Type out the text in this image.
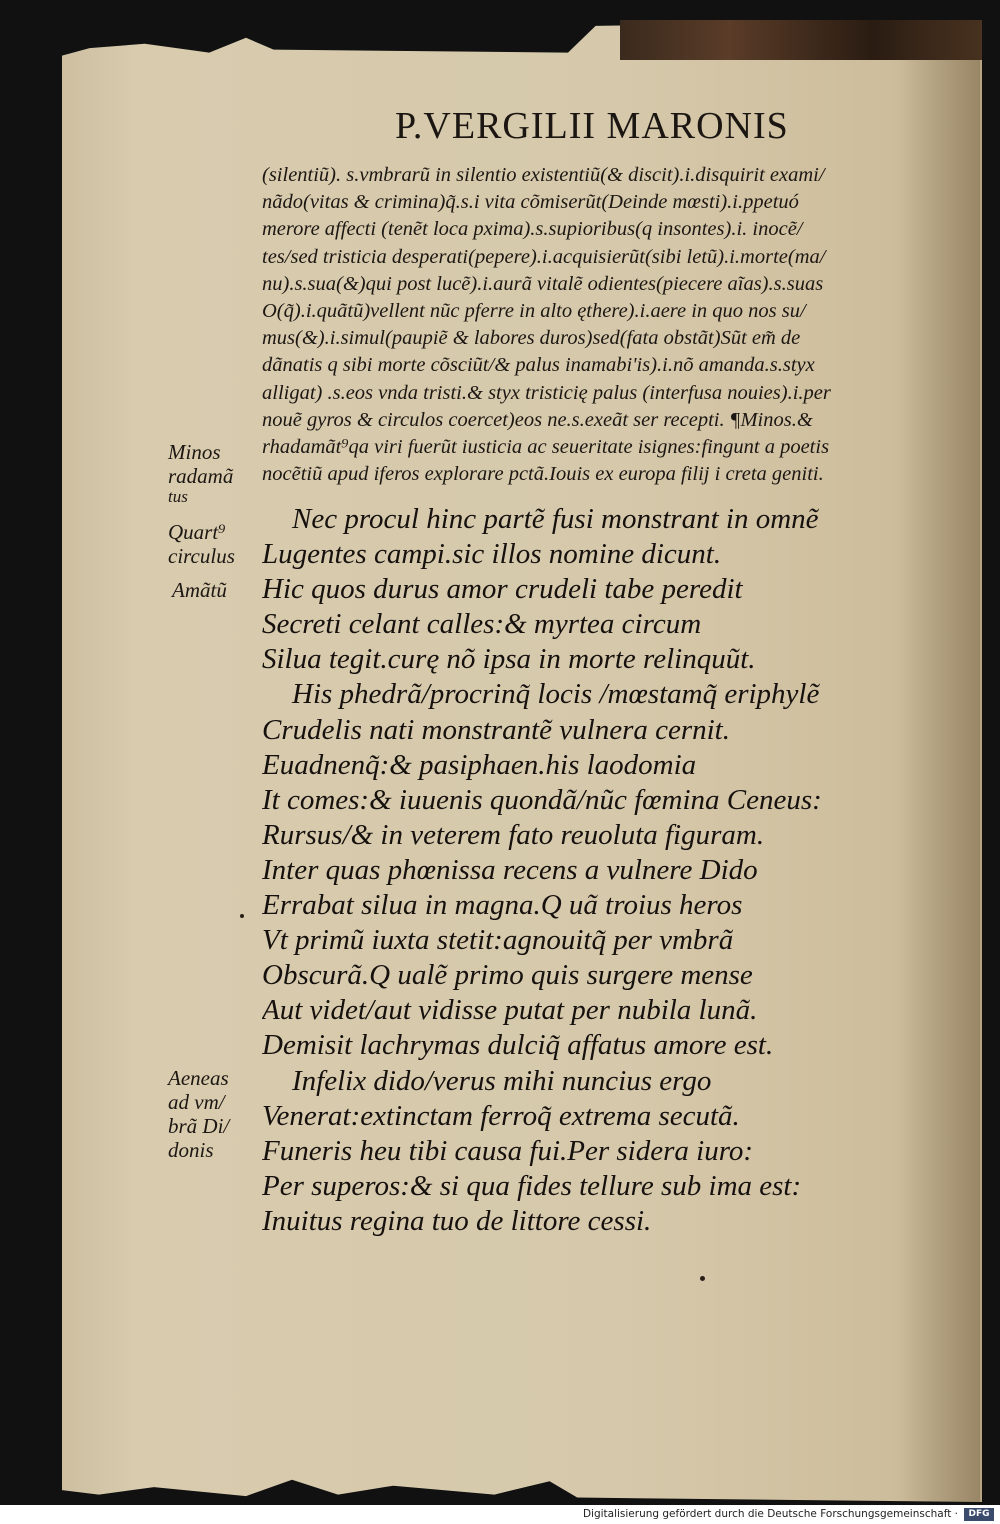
P.VERGILII MARONIS
(silentiũ). s.vmbrarũ in silentio existentiũ(& discit).i.disquirit exami/
nãdo(vitas & crimina)q̃.s.i vita cõmiserũt(Deinde mœsti).i.ppetuó
merore affecti (tenẽt loca pxima).s.supioribus(q insontes).i. inocẽ/
tes/sed tristicia desperati(pepere).i.acquisierũt(sibi letũ).i.morte(ma/
nu).s.sua(&)qui post lucẽ).i.aurã vitalẽ odientes(piecere aĩas).s.suas
O(q̃).i.quãtũ)vellent nũc pferre in alto ęthere).i.aere in quo nos su/
mus(&).i.simul(paupiẽ & labores duros)sed(fata obstãt)Sũt em̃ de
dãnatis q sibi morte cõsciũt/& palus inamabi'is).i.nõ amanda.s.styx
alligat) .s.eos vnda tristi.& styx tristicię palus (interfusa nouies).i.per
nouẽ gyros & circulos coercet)eos ne.s.exeãt ser recepti. ¶Minos.&
rhadamãt⁹qa viri fuerũt iusticia ac seueritate isignes:fingunt a poetis
nocẽtiũ apud iferos explorare pctã.Iouis ex europa filij i creta geniti.
Nec procul hinc partẽ fusi monstrant in omnẽ
Lugentes campi.sic illos nomine dicunt.
Hic quos durus amor crudeli tabe peredit
Secreti celant calles:& myrtea circum
Silua tegit.curę nõ ipsa in morte relinquũt.
His phedrã/procrinq̃ locis /mœstamq̃ eriphylẽ
Crudelis nati monstrantẽ vulnera cernit.
Euadnenq̃:& pasiphaen.his laodomia
It comes:& iuuenis quondã/nũc fœmina Ceneus:
Rursus/& in veterem fato reuoluta figuram.
Inter quas phœnissa recens a vulnere Dido
Errabat silua in magna.Q uã troius heros
Vt primũ iuxta stetit:agnouitq̃ per vmbrã
Obscurã.Q ualẽ primo quis surgere mense
Aut videt/aut vidisse putat per nubila lunã.
Demisit lachrymas dulciq̃ affatus amore est.
Infelix dido/verus mihi nuncius ergo
Venerat:extinctam ferroq̃ extrema secutã.
Funeris heu tibi causa fui.Per sidera iuro:
Per superos:& si qua fides tellure sub ima est:
Inuitus regina tuo de littore cessi.
Minos
radamã
tus
Quart⁹
circulus
Amãtũ
Aeneas
ad vm/
brã Di/
donis
Digitalisierung gefördert durch die Deutsche Forschungsgemeinschaft ·	DFG
